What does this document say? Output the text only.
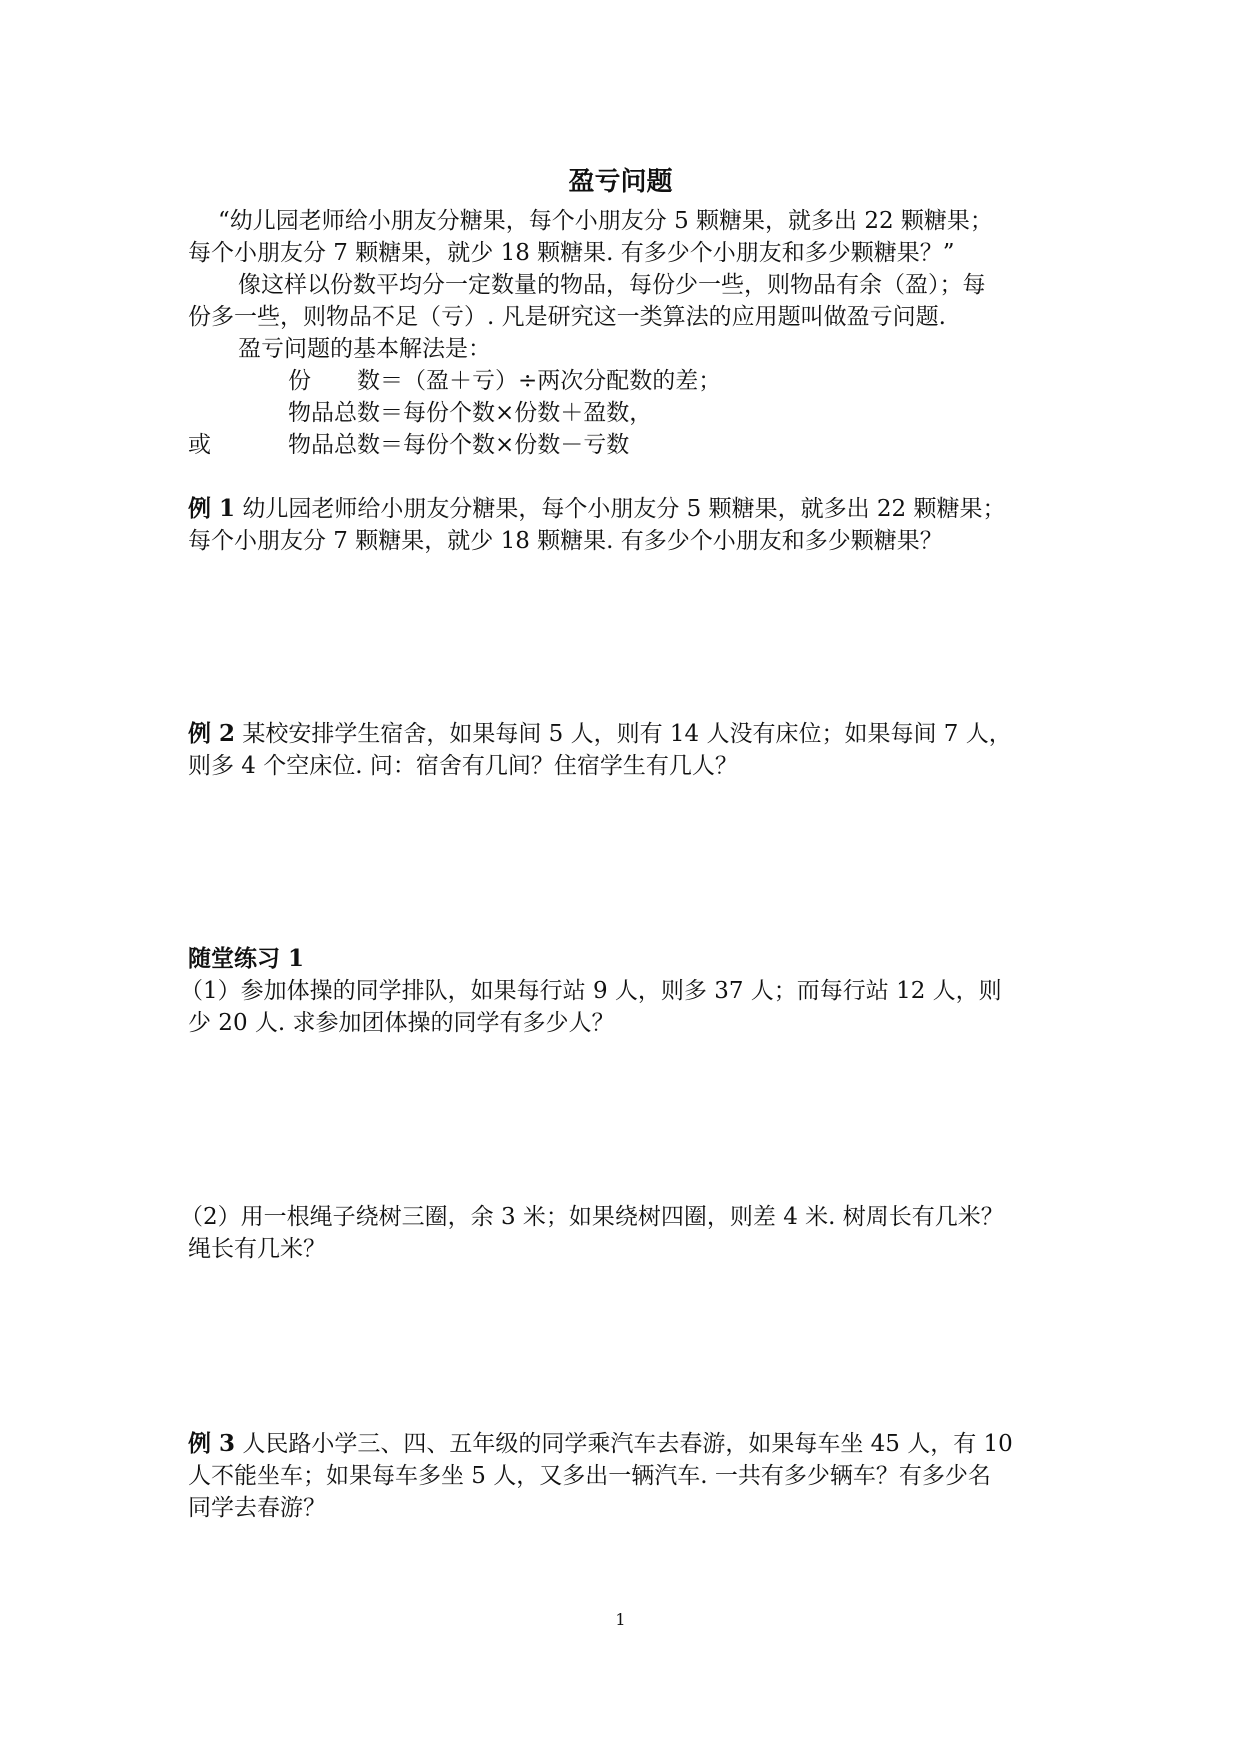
盈亏问题
“幼儿园老师给小朋友分糖果，每个小朋友分 5 颗糖果，就多出 22 颗糖果；
每个小朋友分 7 颗糖果，就少 18 颗糖果. 有多少个小朋友和多少颗糖果？”
像这样以份数平均分一定数量的物品，每份少一些，则物品有余（盈）；每
份多一些，则物品不足（亏）. 凡是研究这一类算法的应用题叫做盈亏问题.
盈亏问题的基本解法是：
份　　数＝（盈＋亏）÷两次分配数的差；
物品总数＝每份个数×份数＋盈数，
或	物品总数＝每份个数×份数－亏数
例 1 幼儿园老师给小朋友分糖果，每个小朋友分 5 颗糖果，就多出 22 颗糖果；
每个小朋友分 7 颗糖果，就少 18 颗糖果. 有多少个小朋友和多少颗糖果？
例 2 某校安排学生宿舍，如果每间 5 人，则有 14 人没有床位；如果每间 7 人，
则多 4 个空床位. 问：宿舍有几间？住宿学生有几人？
随堂练习 1
（1）参加体操的同学排队，如果每行站 9 人，则多 37 人；而每行站 12 人，则
少 20 人. 求参加团体操的同学有多少人？
（2）用一根绳子绕树三圈，余 3 米；如果绕树四圈，则差 4 米. 树周长有几米？
绳长有几米？
例 3 人民路小学三、四、五年级的同学乘汽车去春游，如果每车坐 45 人，有 10
人不能坐车；如果每车多坐 5 人，又多出一辆汽车. 一共有多少辆车？有多少名
同学去春游？
1
